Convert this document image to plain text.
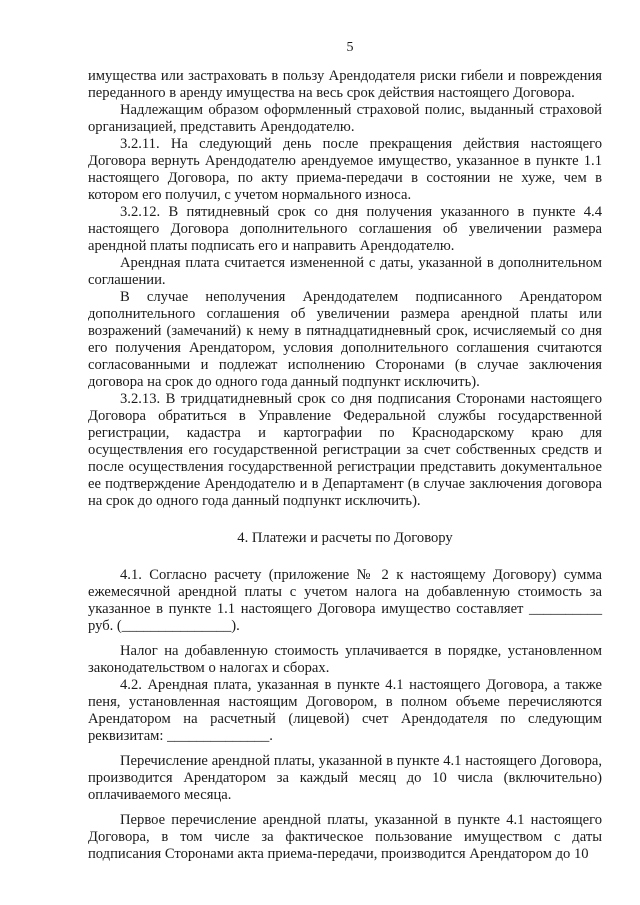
5

имущества или застраховать в пользу Арендодателя риски гибели и повреждения переданного в аренду имущества на весь срок действия настоящего Договора.

Надлежащим образом оформленный страховой полис, выданный страховой организацией, представить Арендодателю.

3.2.11. На следующий день после прекращения действия настоящего Договора вернуть Арендодателю арендуемое имущество, указанное в пункте 1.1 настоящего Договора, по акту приема-передачи в состоянии не хуже, чем в котором его получил, с учетом нормального износа.

3.2.12. В пятидневный срок со дня получения указанного в пункте 4.4 настоящего Договора дополнительного соглашения об увеличении размера арендной платы подписать его и направить Арендодателю.

Арендная плата считается измененной с даты, указанной в дополнительном соглашении.

В случае неполучения Арендодателем подписанного Арендатором дополнительного соглашения об увеличении размера арендной платы или возражений (замечаний) к нему в пятнадцатидневный срок, исчисляемый со дня его получения Арендатором, условия дополнительного соглашения считаются согласованными и подлежат исполнению Сторонами (в случае заключения договора на срок до одного года данный подпункт исключить).

3.2.13. В тридцатидневный срок со дня подписания Сторонами настоящего Договора обратиться в Управление Федеральной службы государственной регистрации, кадастра и картографии по Краснодарскому краю для осуществления его государственной регистрации за счет собственных средств и после осуществления государственной регистрации представить документальное ее подтверждение Арендодателю и в Департамент (в случае заключения договора на срок до одного года данный подпункт исключить).

4. Платежи и расчеты по Договору

4.1. Согласно расчету (приложение № 2 к настоящему Договору) сумма ежемесячной арендной платы с учетом налога на добавленную стоимость за указанное в пункте 1.1 настоящего Договора имущество составляет __________ руб. (_______________).

Налог на добавленную стоимость уплачивается в порядке, установленном законодательством о налогах и сборах.

4.2. Арендная плата, указанная в пункте 4.1 настоящего Договора, а также пеня, установленная настоящим Договором, в полном объеме перечисляются Арендатором на расчетный (лицевой) счет Арендодателя по следующим реквизитам: ______________.

Перечисление арендной платы, указанной в пункте 4.1 настоящего Договора, производится Арендатором за каждый месяц до 10 числа (включительно) оплачиваемого месяца.

Первое перечисление арендной платы, указанной в пункте 4.1 настоящего Договора, в том числе за фактическое пользование имуществом с даты подписания Сторонами акта приема-передачи, производится Арендатором до 10
